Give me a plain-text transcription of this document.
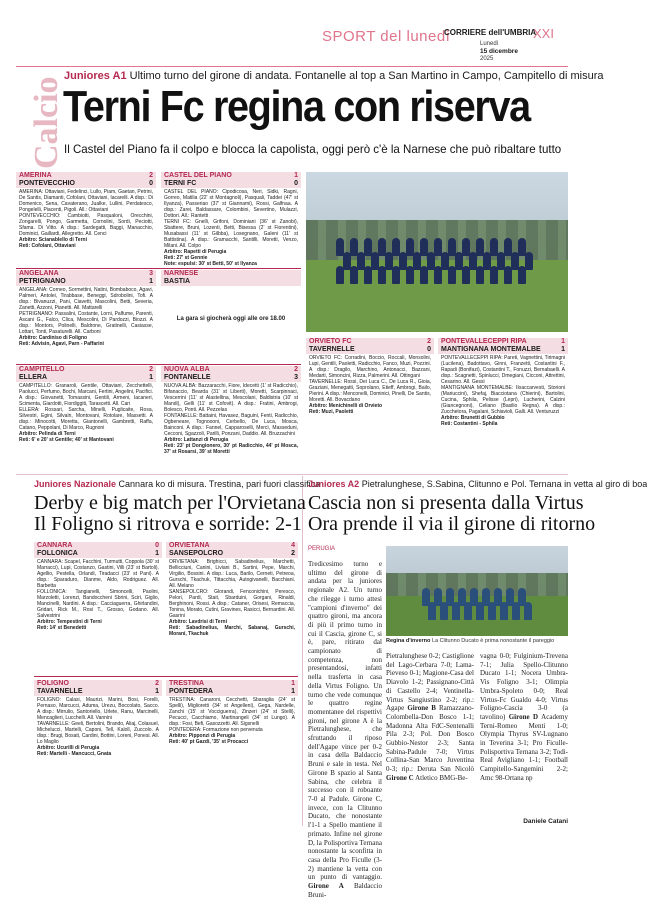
SPORT del lunedì
CORRIERE dell'UMBRIA
XXI
Lunedì
15 dicembre
2025
Calcio Juniores A1 Ultimo turno del girone di andata. Fontanelle al top a San Martino in Campo, Campitello di misura
Terni Fc regina con riserva
Il Castel del Piano fa il colpo e blocca la capolista, oggi però c'è la Narnese che può ribaltare tutto
AMERINA	2
PONTEVECCHIO	0

AMERINA: Ottaviani, Fedelinci, Lullo, Piam, Gaetan, Petrini, De Santis, Diamanti, Cofolani, Ottaviani, Iacarelli. A disp.: Di Domenico, Sena, Cavaterano, Jualke, Lullini, Perdatesco, Pongelelli, Piacenti, Pigoli. All.: Ottaviani

PONTEVECCHIO: Cambiotti, Pasqualoni, Orecchini, Zongarelli, Pongo, Garmetta, Cornolini, Sordi, Peciotti, Sfama. Di Vitto. A disp.: Sardegatti, Baggi, Manacchio, Dominici, Gaillardi, Allegretto. All. Cenci

Arbitro: Scianablello di Terni

Reti: Cofolani, Ottaviani

CASTEL DEL PIANO	1
TERNI FC	0

CASTEL DEL PIANO: Cipodicosa, Neri, Sidki, Ragni, Gorreo, Matilia (22' st Montagnoli), Pasquali, Taddei (47' st Ilyanza), Passeriao (37' st Giannami), Rossi, Galfnaa. A disp.: Zarei, Baldassare, Colombini, Severtino, Mulazzi, Dottori. All.: Rantetti

TERNI FC: Gnelli, Grifoni, Dominiani (36' st Zanobi), Sbattere, Bruni, Lozenti, Betti, Bisessa (2' st Fiorentini), Musabassi (11' st Gilbba), Losegnano, Galeni (11' st Battistina). A disp.: Gramacchi, Santilli, Moretti, Venzo, Milani. All. Colpo

Arbitro: Rapetti di Perugia

Reti: 27' st Gennie

Note: espulsi: 30' st Betti, 50' st Ilyanza

ANGELANA	3
PETRIGNANO	1

ANGELANA: Corneo, Sormettini, Natini, Bombaboco, Agavi, Palmeri, Antolei, Tirabbase, Beneggi, Sdrobolini, Tofi. A disp.: Bivanuzzi, Pani, Ciavetti, Mascolini, Betti, Severia, Zanetti, Azzoni, Pianetti. All. Mattarelli

PETRIGNANO: Passalini, Costante, Lorni, Palfume, Parenti, Ascani G., Falco, Clica, Mescolini, Di Pardozzi, Biozzi. A disp.: Montors, Polinelli, Baldrone, Gratinelli, Casiasse, Lottari, Tonti, Pasaturelli. All. Carboni

Arbitro: Cardiniso di Foligno

Reti: Advisin, Agavi, Parn - Paffarini

NARNESE
BASTIA

La gara si giocherà oggi alle ore 18.00

ORVIETO FC	2
TAVERNELLE	0

ORVIETO FC: Corradini, Boccio, Roccali, Monsolini, Lupi, Gentili, Paoletti, Radicchio, Fanco, Muzi, Pozzini. A disp.: Dragilo, Marchino, Antonacci, Bazzani, Medarti, Simoncini, Rizza, Palmerini. All. Ottingani

TAVERNELLE: Rossi, Dei Luca C., De Luca R., Gioia, Graziani, Menegatti, Soprolano, Etieff, Ambrogi, Bailo, Pierini. A disp.: Menconelli, Dominici, Pinelli, De Santis, Moretti. All. Bovacdano

Arbitro: Menichinelli di Orvieto

Reti: Muzi, Paoletti

PONTEVALLECEPPI RIPA	1
MANTIGNANA MONTEMALBE	1

PONTEVALLECEPPI RIPA: Pareti, Vagnettini, Tirimagni (Lucilena), Badottavo, Ginni, Franzetti, Costantini F., Rapadi (Bonifazi), Costantini T., Fonuzzi, Bernabaelli. A disp.: Scagnetti, Spinlucci, Dmegiani, Cicconi, Attrettini, Cesarino. All. Gessi

MANTIGNANA MONTEMALBE: Iloaccarvesti, Storioni (Mariuccini), Shefaj, Biacciotana (Chierini), Bartolini, Cucina, Sphila, Pelisse (Lepri), Lucherini, Calzini (Giancegnoni), Celiano (Basilio Regna). A disp.: Zucchetora, Pagalani, Schiavioli, Galli. All. Venturuzzi

Arbitro: Brunetti di Gubbio

Reti: Costantini - Sphila

CAMPITELLO	2
ELLERA	1

CAMPITELLO: Granaroli, Gentile, Ottaviani, Zecchettelli, Paolucci, Perfumo, Bochi, Marcani, Fertini, Angelini, Pacifici. A disp.: Giovanetti, Tomassini, Gentili, Armeni, Iacaneri, Scimenta, Giardotti, Fiordiggiti, Tarascetti. All. Cari

ELLERA: Rossari, Sarcha, Minelli, Puglicaite, Rosa, Silvestri, Egini, Silvaln, Montovani, Rotolare, Massetti. A disp.: Minocotti, Moretta, Giantonelli, Gambretti, Raffa, Catano, Peppolani, Di Marco, Rugnoni

Arbitro: Pelinda di Terni

Reti: 6' e 20' st Gentile; 40' st Mantovani

NUOVA ALBA	2
FONTANELLE	3

NUOVA ALBA: Bazzaracchi, Fiore, Idecetti (1' st Radicchio), Bifanaccio, Bearda (31' st Liberti), Moretti, Scarpinnaci, Vescerrini (11' st Alastellina, Mescolani, Baldistria (10' st Mandi), Gelli (11' st Cofovit). A disp.: Fratini, Ambrogi, Bolesco, Ponti. All. Pezzelas

FONTANELLE: Battaini, Havasez, Baguini, Fenti, Radicchio, Ogbeneare, Tognoooni, Cerbello, De Luca, Mosca, Bainconi. A disp.: Fannel, Capparoselli, Mercì, Masseduni, Cecconi, Sgazzoli, Parilli, Ponzani, Daddio. All. Bruzzachini

Arbitro: Lattanzi di Perugia

Reti: 23' pt Dongionero, 30' pt Radicchio, 44' pt Mosca, 37' st Rosarsi, 39' st Moretti

Juniores Nazionale Cannara ko di misura. Trestina, pari fuori classifica
Derby e big match per l'Orvietana
Il Foligno si ritrova e sorride: 2-1
CANNARA	0
FOLLONICA	1

CANNARA: Scapel, Facchini, Turmutti, Coppola (30' st Marracci), Lupi, Costanzo, Gastini, Villi (23' st Bartoli), Agellio, Pestella, Orlandi, Tiradacci (23' st Pani). A disp.: Sparaduro, Dianme, Aldo, Rodriguez. All. Barbetta

FOLLONICA: Tangianelli, Simoncelli, Paolini, Marzoletti, Lorenzi, Bandoccheni Sbrini, Sciri, Giglio, Mancinelli, Nardini. A disp.: Cacciaguerra, Ghirlandini, Gridari, Rick M., Rosi T., Grosso, Godano. All. Salvestrini

Arbitro: Tempestini di Terni

Reti: 14' st Benedetti

ORVIETANA	4
SANSEPOLCRO	2

ORVIETANA: Brighicci, Sabadinelius, Marchetti, Bellicciuni, Canini, Liviani B., Sartini, Pepe, Marchi, Virgilio, Bossini. A disp.: Luca, Barilo, Cerneti, Petreoa, Gurschi, Tkachuk, Tittacchia, Autogivanelli, Bacchiani. All. Melano

SANSEPOLCRO: Glorandi, Fenconichini, Peresco, Pelori, Pardi, Stait, Sbarduini, Gorgani, Rinaldi, Berghinoni, Rossi. A disp.: Cataner, Orisesi, Remaccia, Tonina, Morato, Cutini, Gravines, Rasicci, Bernardini. All. Gasrini

Arbitro: Lavdrisi di Terni

Reti: Sabadinelius, Marchi, Sabanaj, Gurschi, Morani, Tkachuk

FOLIGNO	2
TAVARNELLE	1

FOLIGNO: Calasi, Maurizi, Marini, Bosi, Forelli, Pernaso, Marcucci, Aduma, Urezu, Boccolato, Sacco. A disp.: Mirrulio, Santoriello, Urlete, Ranu, Marcinelli, Mencaglieri, Lucchelli. All. Vannini

TAVARNELLE: Geeli, Bertolini, Brando, Aliaj, Colasuel, Michelucci, Martelli, Caponi, Tell, Kaloll, Zuccolo. A disp.: Brugi, Bosati, Cardini, Bottini, Loreni, Ponesi. All. Lo Maglio

Arbitro: Ucurilli di Perugia

Reti: Martelli - Mancucci, Gnata

TRESTINA	1
PONTEDERA	1

TRESTINA: Canaroni, Cecchetti, Sbaraglia (24' st Spelli), Miglioretti (34' st Angelleni), Gega, Nardelle, Zanchi (15' st Vocciguerra), Zinzeri (24' st Stelli), Pecucci, Cacchiamo, Martinangeli (34' st Lungo). A disp.: Fosi, Befi, Gasozzetti. All. Sigsnelli

PONTEDERA: Formazione non pervenuta

Arbitro: Pipponzi di Perugia

Reti: 40' pt Gazdi, '35' st Procacci

Juniores A2 Pietralunghese, S.Sabina, Clitunno e Pol. Ternana in vetta al giro di boa
Cascia non si presenta dalla Virtus
Ora prende il via il girone di ritorno
PERUGIA
Tredicesimo turno e ultimo del girone di andata per la juniores regionale A2. Un turno che rilegge i turno attesi "campioni d'inverno" dei quattro gironi, ma ancora di più il primo turno in cui il Cascia, girone C, si è, pare, ritirato dal campionato di competenza, non presentandosi, infatti nella trasferta in casa della Virtus Foligno. Un turno che vede comunque le quattro regine momentanee del rispettivi gironi, nel girone A è la Pietralunghese, che sfruttando il riposo dell'Agape vince per 0-2 in casa della Baldaccio Bruni e sale in testa. Nel Girone B spazio al Santa Sabina, che celebra il successo con il roboante 7-0 al Padule. Girone C, invece, con la Clitunno Ducato, che nonostante l'1-1 a Spello mantiene il primato. Infine nel girone D, la Polisportiva Ternana nonostante la sconfitta in casa della Pro Ficulle (3-2) mantiene la vetta con un punto di vantaggio. Girone A Baldaccio Bruni-
Regina d'inverno La Clitunno Ducato è prima nonostante il pareggio
Pietralunghese 0-2; Castiglione del Lago-Cerbara 7-0; Lama-Pieveso 0-1; Magione-Casa del Diavolo 1-2; Passignano-Città di Castello 2-4; Ventinella-Virtus Sangiustino 2-2; rip.: Agape Girone B Ramazzano-Colombella-Don Bosco 1-1; Madonna Alta FdC-Sentenalli Pila 2-3; Pol. Don Bosco Gubbio-Nestor 2-3; Santa Sabina-Padule 7-0; Virtus Collina-San Marco Juventina 0-3; rip.: Deruta San Nicolò Girone C Atletico BMG-Be-
vagna 0-0; Fulginium-Trevena 7-1; Julia Spello-Clitunno Ducato 1-1; Nocera Umbra-Vis Foligno 3-1; Olimpia Umbra-Spoleto 0-0; Real Virtus-Fc Gualdo 4-0; Virtus Foligno-Cascia 3-0 (a tavolino) Girone D Academy Terni-Romeo Menti 1-0; Olympia Thyrus SV-Lugnano in Teverina 3-1; Pro Ficulle-Polisportiva Ternana 3-2; Todi-Real Avigliano 1-1; Football Campitello-Sangemini 2-2; Amc 98-Ortana np
Daniele Catani
